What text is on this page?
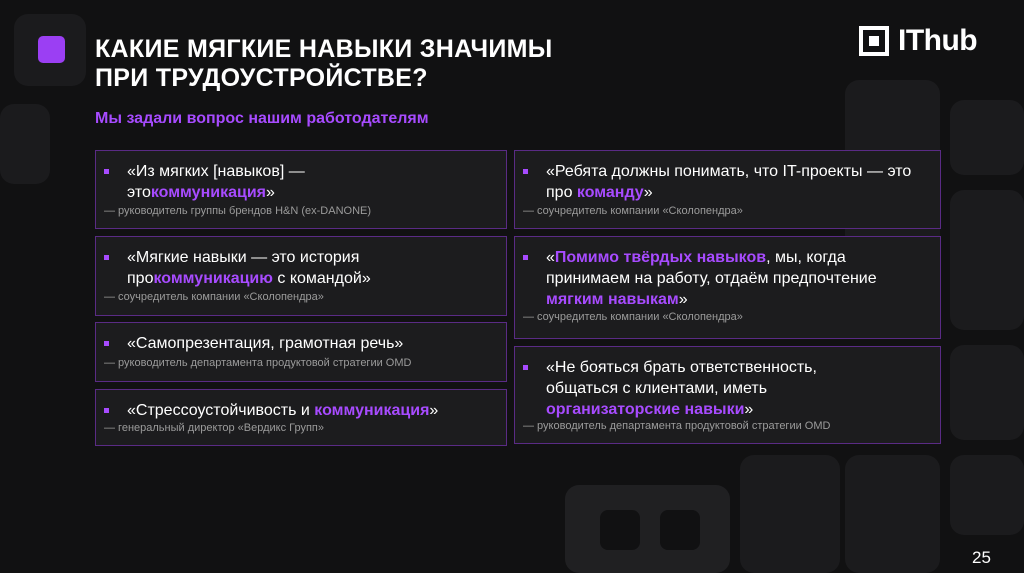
КАКИЕ МЯГКИЕ НАВЫКИ ЗНАЧИМЫ
ПРИ ТРУДОУСТРОЙСТВЕ?
IThub
Мы задали вопрос нашим работодателям
«Из мягких [навыков] — этокоммуникация»
— руководитель группы брендов H&N (ex-DANONE)
«Мягкие навыки — это история прокоммуникацию с командой»
— соучредитель компании «Сколопендра»
«Самопрезентация, грамотная речь»
— руководитель департамента продуктовой стратегии OMD
«Стрессоустойчивость и коммуникация»
— генеральный директор «Вердикс Групп»
«Ребята должны понимать, что IT-проекты — это про команду»
— соучредитель компании «Сколопендра»
«Помимо твёрдых навыков, мы, когда принимаем на работу, отдаём предпочтение мягким навыкам»
— соучредитель компании «Сколопендра»
«Не бояться брать ответственность, общаться с клиентами, иметь организаторские навыки»
— руководитель департамента продуктовой стратегии OMD
25
